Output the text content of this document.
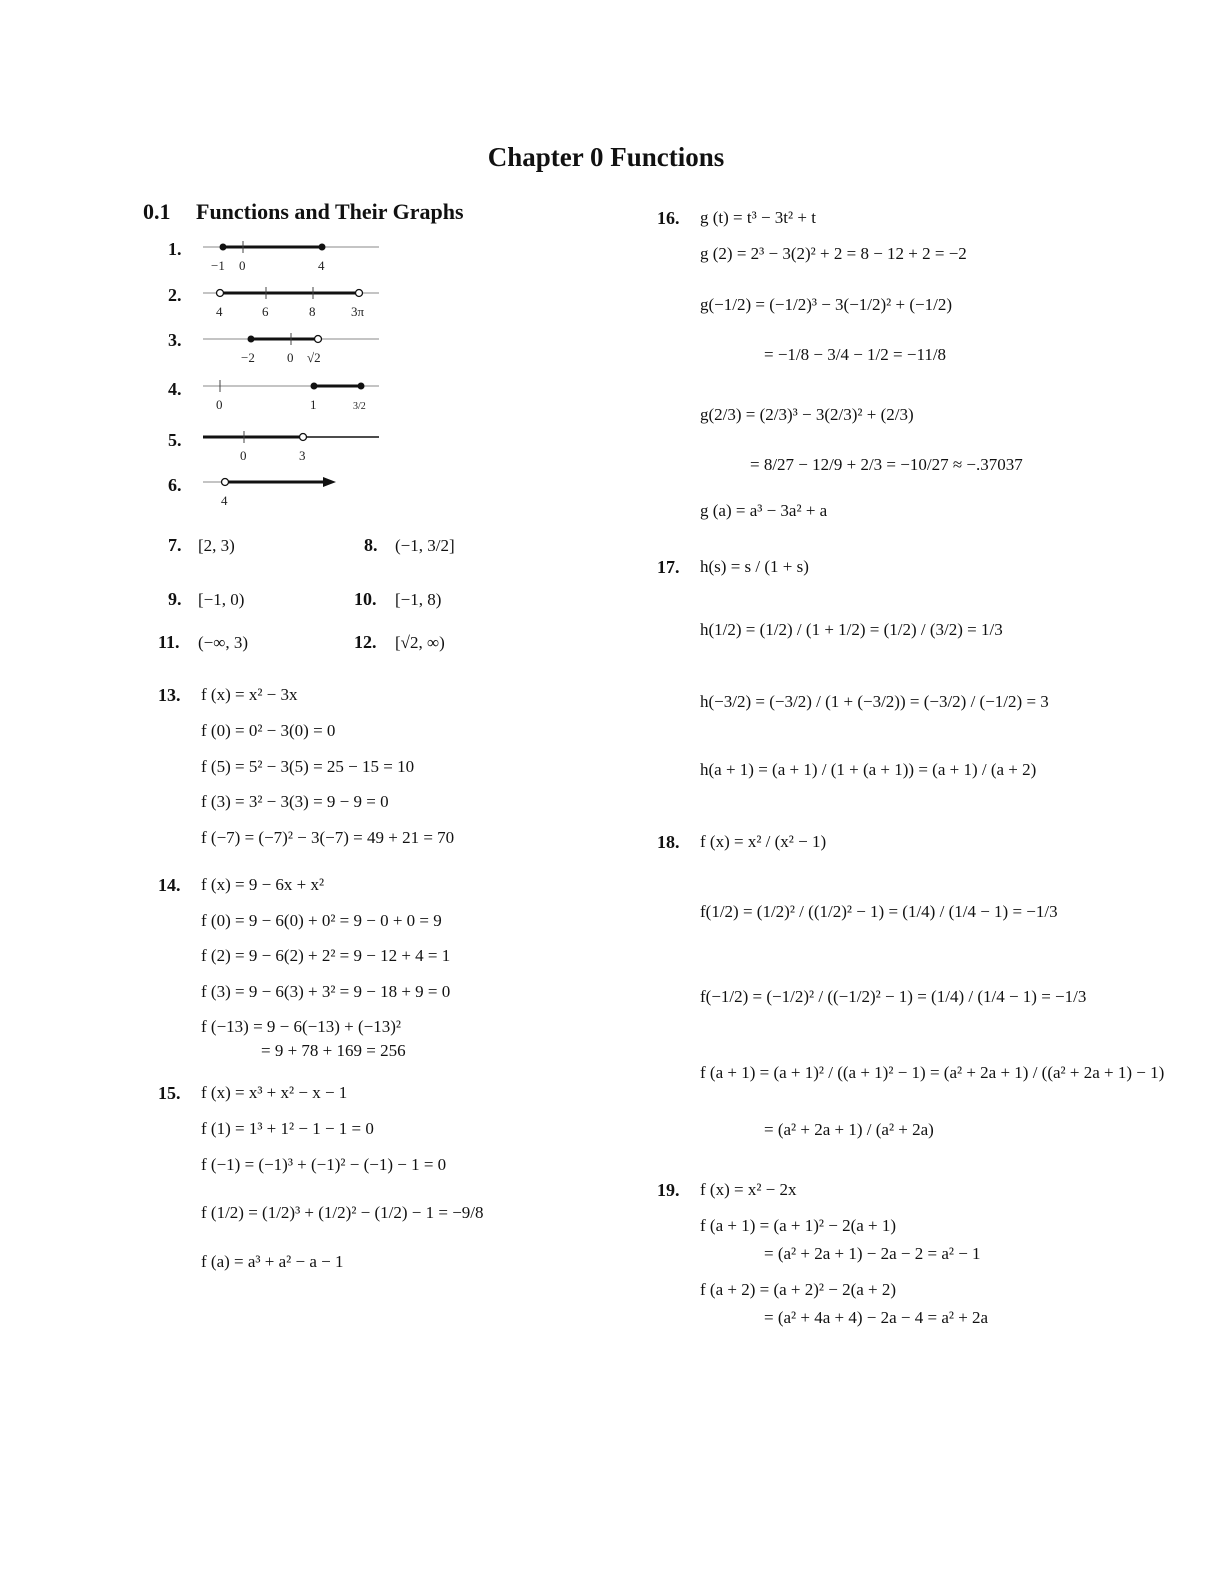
Chapter 0 Functions
0.1 Functions and Their Graphs
1.
−1 0	4
2.
4	6	8	3π
3.
−2 0 √2
4.
0	1	3/2
5.
0	3
6.
4
7. [2, 3)	8. (−1, 3/2]
9. [−1, 0)	10. [−1, 8)
11. (−∞, 3)	12. [√2, ∞)
13. f (x) = x² − 3x
f (0) = 0² − 3(0) = 0
f (5) = 5² − 3(5) = 25 − 15 = 10
f (3) = 3² − 3(3) = 9 − 9 = 0
f (−7) = (−7)² − 3(−7) = 49 + 21 = 70
14. f (x) = 9 − 6x + x²
f (0) = 9 − 6(0) + 0² = 9 − 0 + 0 = 9
f (2) = 9 − 6(2) + 2² = 9 − 12 + 4 = 1
f (3) = 9 − 6(3) + 3² = 9 − 18 + 9 = 0
f (−13) = 9 − 6(−13) + (−13)²
= 9 + 78 + 169 = 256
15. f (x) = x³ + x² − x − 1
f (1) = 1³ + 1² − 1 − 1 = 0
f (−1) = (−1)³ + (−1)² − (−1) − 1 = 0
f (1/2) = (1/2)³ + (1/2)² − (1/2) − 1 = −9/8
f (a) = a³ + a² − a − 1
16. g (t) = t³ − 3t² + t
g (2) = 2³ − 3(2)² + 2 = 8 − 12 + 2 = −2
g(−1/2) = (−1/2)³ − 3(−1/2)² + (−1/2)
= −1/8 − 3/4 − 1/2 = −11/8
g(2/3) = (2/3)³ − 3(2/3)² + (2/3)
= 8/27 − 12/9 + 2/3 = −10/27 ≈ −.37037
g (a) = a³ − 3a² + a
17. h(s) = s / (1 + s)
h(1/2) = (1/2) / (1 + 1/2) = (1/2) / (3/2) = 1/3
h(−3/2) = (−3/2) / (1 + (−3/2)) = (−3/2) / (−1/2) = 3
h(a + 1) = (a + 1) / (1 + (a + 1)) = (a + 1) / (a + 2)
18. f (x) = x² / (x² − 1)
f(1/2) = (1/2)² / ((1/2)² − 1) = (1/4) / (1/4 − 1) = −1/3
f(−1/2) = (−1/2)² / ((−1/2)² − 1) = (1/4) / (1/4 − 1) = −1/3
f (a + 1) = (a + 1)² / ((a + 1)² − 1) = (a² + 2a + 1) / ((a² + 2a + 1) − 1)
= (a² + 2a + 1) / (a² + 2a)
19. f (x) = x² − 2x
f (a + 1) = (a + 1)² − 2(a + 1)
= (a² + 2a + 1) − 2a − 2 = a² − 1
f (a + 2) = (a + 2)² − 2(a + 2)
= (a² + 4a + 4) − 2a − 4 = a² + 2a
